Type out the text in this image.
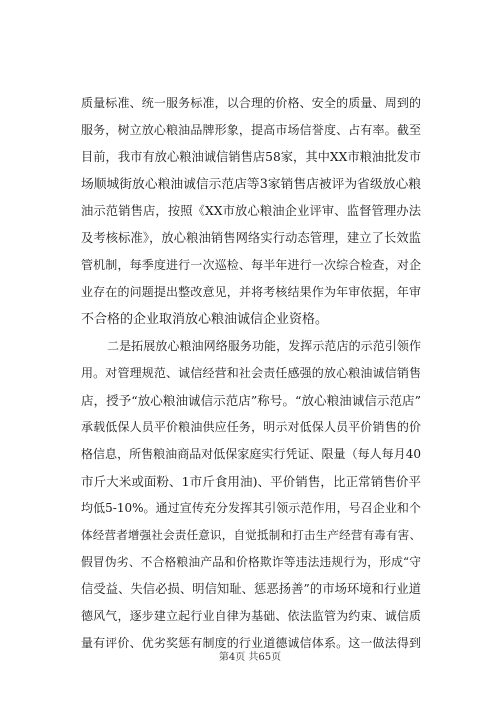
质量标准、统一服务标准，以合理的价格、安全的质量、周到的
服务，树立放心粮油品牌形象，提高市场信誉度、占有率。截至
目前，我市有放心粮油诚信销售店58家，其中XX市粮油批发市
场顺城街放心粮油诚信示范店等3家销售店被评为省级放心粮
油示范销售店，按照《XX市放心粮油企业评审、监督管理办法
及考核标准》，放心粮油销售网络实行动态管理，建立了长效监
管机制，每季度进行一次巡检、每半年进行一次综合检查，对企
业存在的问题提出整改意见，并将考核结果作为年审依据，年审
不合格的企业取消放心粮油诚信企业资格。
二是拓展放心粮油网络服务功能，发挥示范店的示范引领作
用。对管理规范、诚信经营和社会责任感强的放心粮油诚信销售
店，授予“放心粮油诚信示范店”称号。“放心粮油诚信示范店”
承载低保人员平价粮油供应任务，明示对低保人员平价销售的价
格信息，所售粮油商品对低保家庭实行凭证、限量（每人每月40
市斤大米或面粉、1市斤食用油)、平价销售，比正常销售价平
均低5-10%。通过宣传充分发挥其引领示范作用，号召企业和个
体经营者增强社会责任意识，自觉抵制和打击生产经营有毒有害、
假冒伪劣、不合格粮油产品和价格欺诈等违法违规行为，形成“守
信受益、失信必损、明信知耻、惩恶扬善”的市场环境和行业道
德风气，逐步建立起行业自律为基础、依法监管为约束、诚信质
量有评价、优劣奖惩有制度的行业道德诚信体系。这一做法得到
第4页 共65页
